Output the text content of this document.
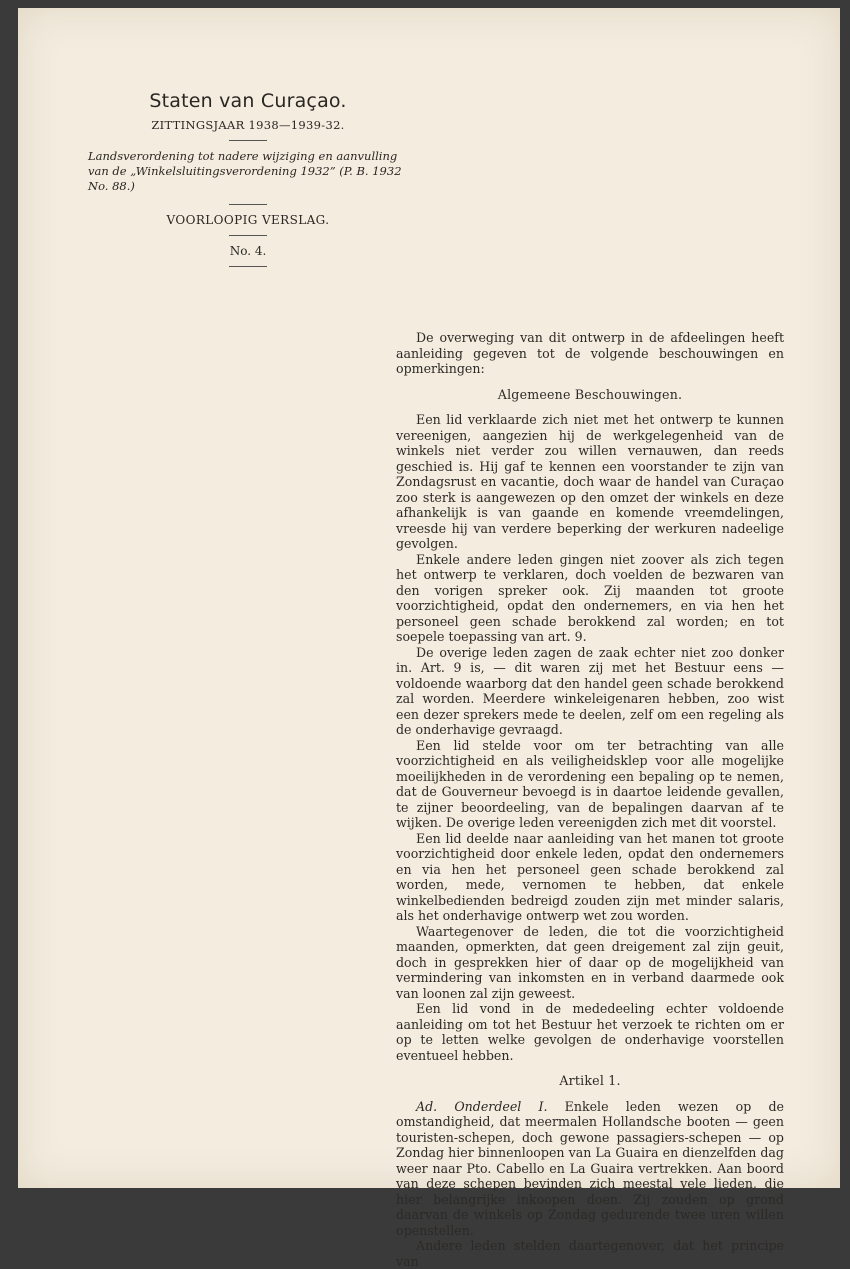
Staten van Curaçao.
ZITTINGSJAAR 1938—1939-32.
Landsverordening tot nadere wijziging en aanvulling van de „Winkelsluitingsverordening 1932” (P. B. 1932 No. 88.)
VOORLOOPIG VERSLAG.
No. 4.

De overweging van dit ontwerp in de afdeelingen heeft aanleiding gegeven tot de volgende beschouwingen en opmerkingen:

Algemeene Beschouwingen.

Een lid verklaarde zich niet met het ontwerp te kunnen vereenigen, aangezien hij de werkgelegenheid van de winkels niet verder zou willen vernauwen, dan reeds geschied is. Hij gaf te kennen een voorstander te zijn van Zondagsrust en vacantie, doch waar de handel van Curaçao zoo sterk is aangewezen op den omzet der winkels en deze afhankelijk is van gaande en komende vreemdelingen, vreesde hij van verdere beperking der werkuren nadeelige gevolgen.

Enkele andere leden gingen niet zoover als zich tegen het ontwerp te verklaren, doch voelden de bezwaren van den vorigen spreker ook. Zij maanden tot groote voorzichtigheid, opdat den ondernemers, en via hen het personeel geen schade berokkend zal worden; en tot soepele toepassing van art. 9.

De overige leden zagen de zaak echter niet zoo donker in. Art. 9 is, — dit waren zij met het Bestuur eens — voldoende waarborg dat den handel geen schade berokkend zal worden. Meerdere winkeleigenaren hebben, zoo wist een dezer sprekers mede te deelen, zelf om een regeling als de onderhavige gevraagd.

Een lid stelde voor om ter betrachting van alle voorzichtigheid en als veiligheidsklep voor alle mogelijke moeilijkheden in de verordening een bepaling op te nemen, dat de Gouverneur bevoegd is in daartoe leidende gevallen, te zijner beoordeeling, van de bepalingen daarvan af te wijken. De overige leden vereenigden zich met dit voorstel.

Een lid deelde naar aanleiding van het manen tot groote voorzichtigheid door enkele leden, opdat den ondernemers en via hen het personeel geen schade berokkend zal worden, mede, vernomen te hebben, dat enkele winkelbedienden bedreigd zouden zijn met minder salaris, als het onderhavige ontwerp wet zou worden.

Waartegenover de leden, die tot die voorzichtigheid maanden, opmerkten, dat geen dreigement zal zijn geuit, doch in gesprekken hier of daar op de mogelijkheid van vermindering van inkomsten en in verband daarmede ook van loonen zal zijn geweest.

Een lid vond in de mededeeling echter voldoende aanleiding om tot het Bestuur het verzoek te richten om er op te letten welke gevolgen de onderhavige voorstellen eventueel hebben.

Artikel 1.

Ad. Onderdeel I. Enkele leden wezen op de omstandigheid, dat meermalen Hollandsche booten — geen touristen-schepen, doch gewone passagiers-schepen — op Zondag hier binnenloopen van La Guaira en dienzelfden dag weer naar Pto. Cabello en La Guaira vertrekken. Aan boord van deze schepen bevinden zich meestal vele lieden, die hier belangrijke inkoopen doen. Zij zouden op grond daarvan de winkels op Zondag gedurende twee uren willen openstellen.

Andere leden stelden daartegenover, dat het principe van
